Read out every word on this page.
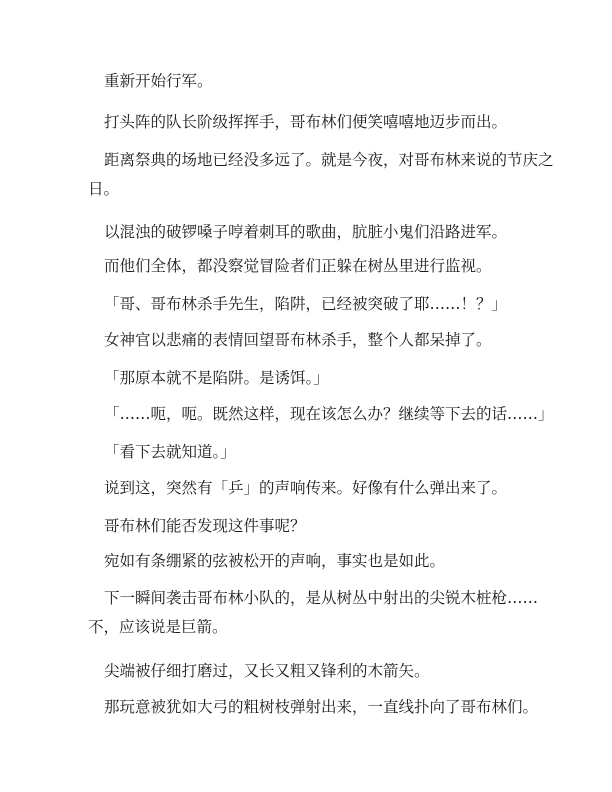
重新开始行军。

打头阵的队长阶级挥挥手，哥布林们便笑嘻嘻地迈步而出。

距离祭典的场地已经没多远了。就是今夜，对哥布林来说的节庆之日。

以混浊的破锣嗓子哼着刺耳的歌曲，肮脏小鬼们沿路进军。

而他们全体，都没察觉冒险者们正躲在树丛里进行监视。

「哥、哥布林杀手先生，陷阱，已经被突破了耶……！？」

女神官以悲痛的表情回望哥布林杀手，整个人都呆掉了。

「那原本就不是陷阱。是诱饵。」

「……呃，呃。既然这样，现在该怎么办？继续等下去的话……」

「看下去就知道。」

说到这，突然有「乒」的声响传来。好像有什么弹出来了。

哥布林们能否发现这件事呢？

宛如有条绷紧的弦被松开的声响，事实也是如此。

下一瞬间袭击哥布林小队的，是从树丛中射出的尖锐木桩枪……不，应该说是巨箭。

尖端被仔细打磨过，又长又粗又锋利的木箭矢。

那玩意被犹如大弓的粗树枝弹射出来，一直线扑向了哥布林们。
